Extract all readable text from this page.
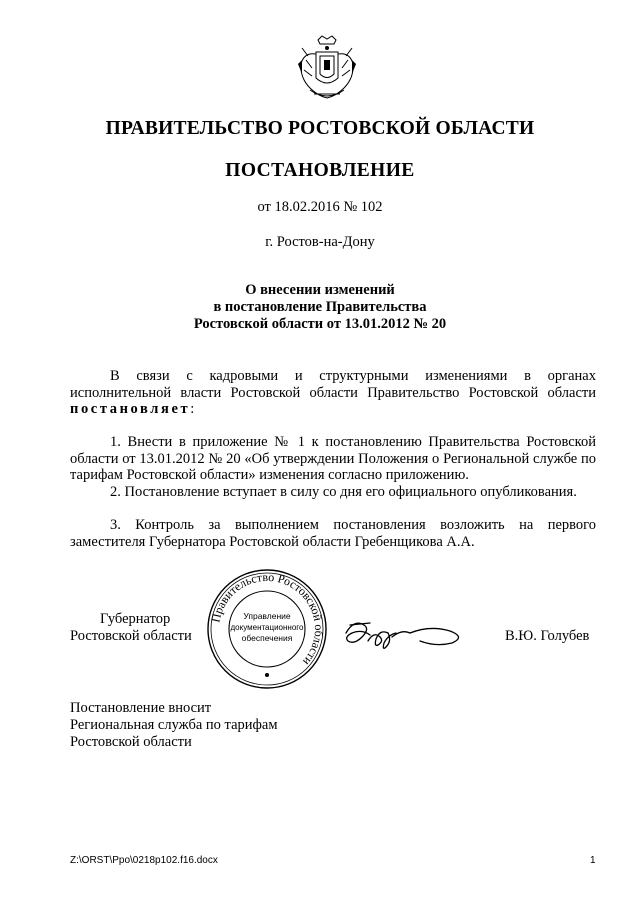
ПРАВИТЕЛЬСТВО РОСТОВСКОЙ ОБЛАСТИ
ПОСТАНОВЛЕНИЕ
от 18.02.2016 № 102
г. Ростов-на-Дону
О внесении изменений
в постановление Правительства
Ростовской области от 13.01.2012 № 20
В связи с кадровыми и структурными изменениями в органах исполнительной власти Ростовской области Правительство Ростовской области постановляет:
1. Внести в приложение № 1 к постановлению Правительства Ростовской области от 13.01.2012 № 20 «Об утверждении Положения о Региональной службе по тарифам Ростовской области» изменения согласно приложению.
2. Постановление вступает в силу со дня его официального опубликования.
3. Контроль за выполнением постановления возложить на первого заместителя Губернатора Ростовской области Гребенщикова А.А.
Губернатор
Ростовской области
Правительство Ростовской области
Управление
документационного
обеспечения	В.Ю. Голубев
Постановление вносит
Региональная служба по тарифам
Ростовской области
Z:\ORST\Ppo\0218p102.f16.docx	1
